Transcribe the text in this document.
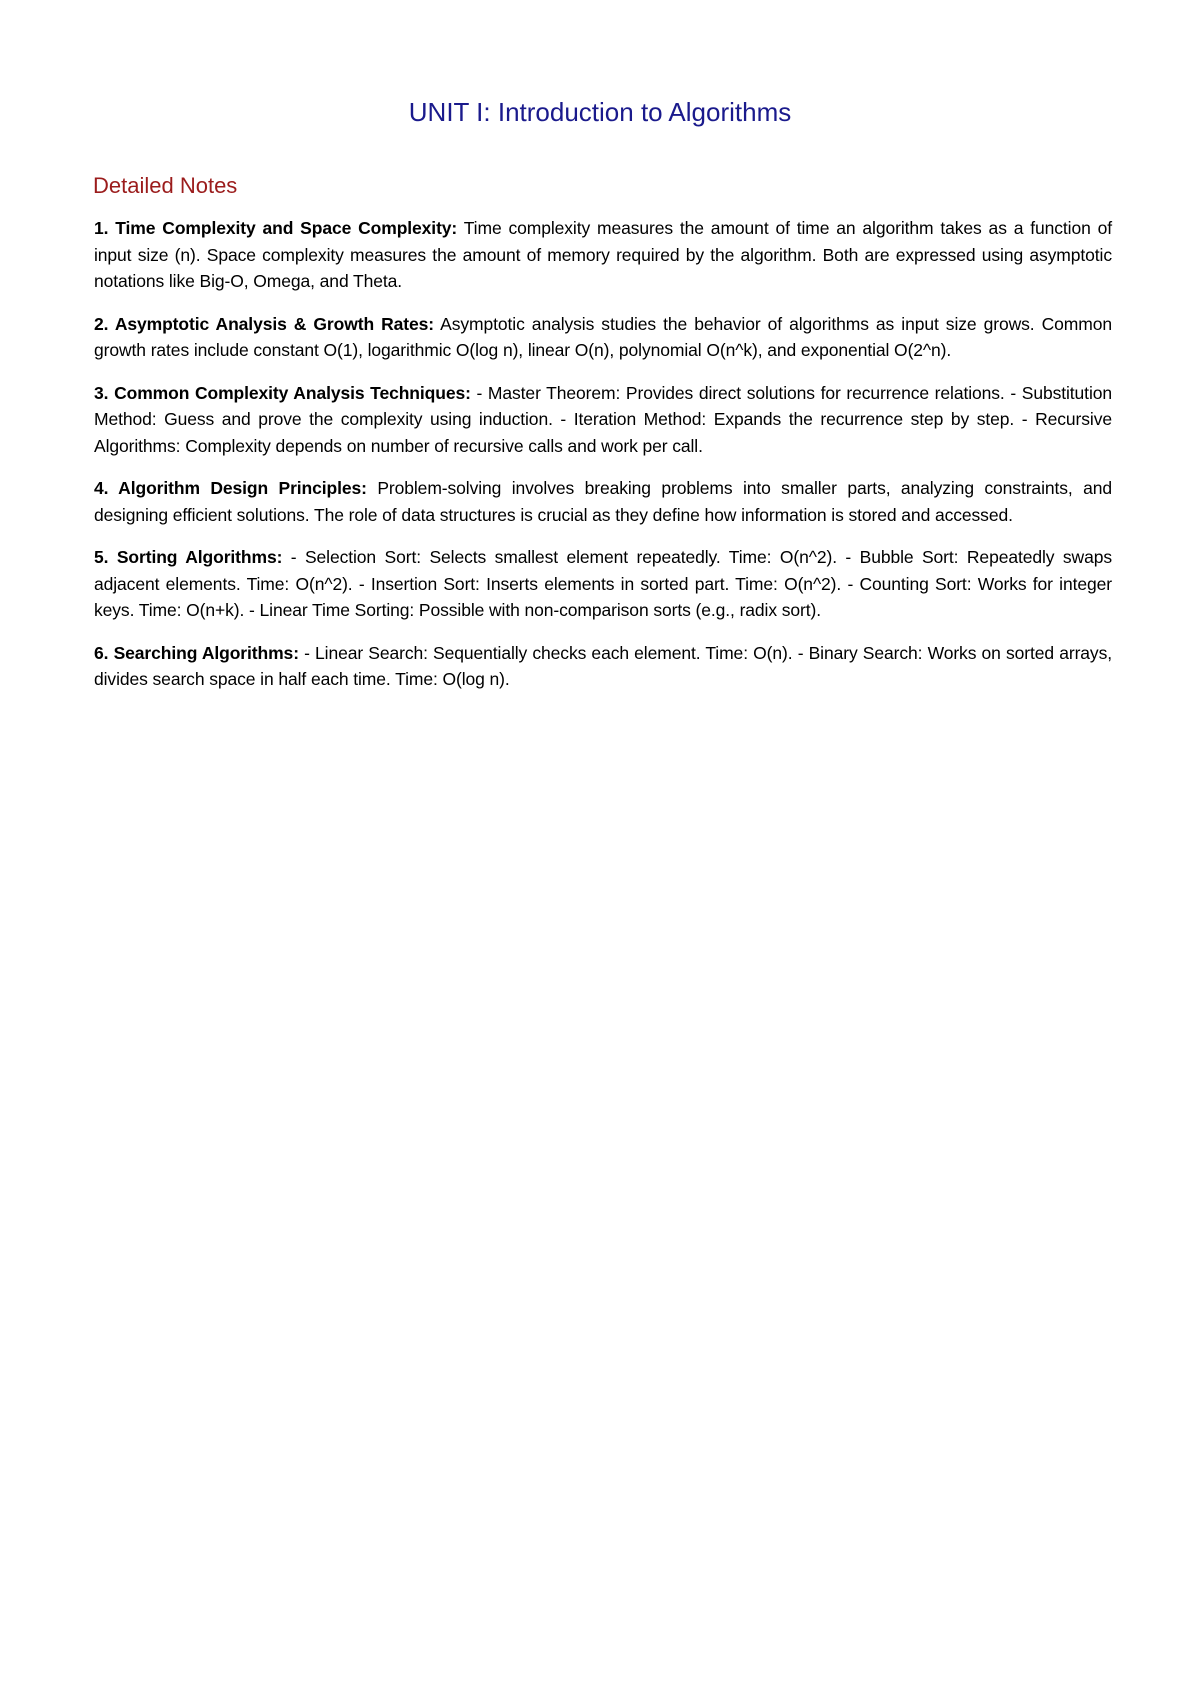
UNIT I: Introduction to Algorithms
Detailed Notes

1. Time Complexity and Space Complexity: Time complexity measures the amount of time an algorithm takes as a function of input size (n). Space complexity measures the amount of memory required by the algorithm. Both are expressed using asymptotic notations like Big-O, Omega, and Theta.

2. Asymptotic Analysis & Growth Rates: Asymptotic analysis studies the behavior of algorithms as input size grows. Common growth rates include constant O(1), logarithmic O(log n), linear O(n), polynomial O(n^k), and exponential O(2^n).

3. Common Complexity Analysis Techniques: - Master Theorem: Provides direct solutions for recurrence relations. - Substitution Method: Guess and prove the complexity using induction. - Iteration Method: Expands the recurrence step by step. - Recursive Algorithms: Complexity depends on number of recursive calls and work per call.

4. Algorithm Design Principles: Problem-solving involves breaking problems into smaller parts, analyzing constraints, and designing efficient solutions. The role of data structures is crucial as they define how information is stored and accessed.

5. Sorting Algorithms: - Selection Sort: Selects smallest element repeatedly. Time: O(n^2). - Bubble Sort: Repeatedly swaps adjacent elements. Time: O(n^2). - Insertion Sort: Inserts elements in sorted part. Time: O(n^2). - Counting Sort: Works for integer keys. Time: O(n+k). - Linear Time Sorting: Possible with non-comparison sorts (e.g., radix sort).

6. Searching Algorithms: - Linear Search: Sequentially checks each element. Time: O(n). - Binary Search: Works on sorted arrays, divides search space in half each time. Time: O(log n).
